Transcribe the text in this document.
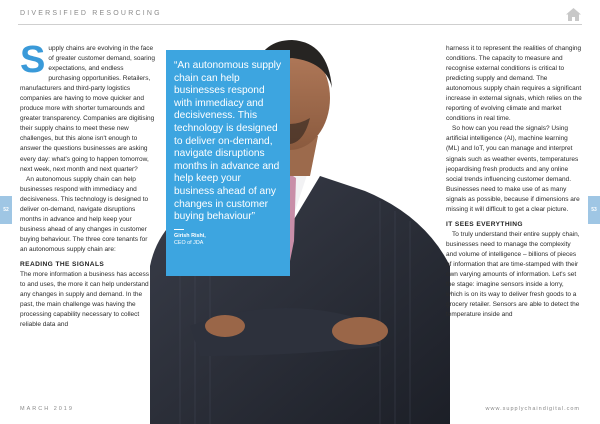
DIVERSIFIED RESOURCING

Supply chains are evolving in the face of greater customer demand, soaring expectations, and endless purchasing opportunities. Retailers, manufacturers and third-party logistics companies are having to move quicker and produce more with shorter turnarounds and greater transparency. Companies are digitising their supply chains to meet these new challenges, but this alone isn't enough to answer the questions businesses are asking every day: what's going to happen tomorrow, next week, next month and next quarter?

An autonomous supply chain can help businesses respond with immediacy and decisiveness. This technology is designed to deliver on-demand, navigate disruptions months in advance and help keep your business ahead of any changes in customer buying behaviour. The three core tenants for an autonomous supply chain are:

READING THE SIGNALS

The more information a business has access to and uses, the more it can help understand any changes in supply and demand. In the past, the main challenge was having the processing capability necessary to collect reliable data and

“An autonomous supply chain can help businesses respond with immediacy and decisiveness. This technology is designed to deliver on-demand, navigate disruptions months in advance and help keep your business ahead of any changes in customer buying behaviour”
Girish Rishi,
CEO of JDA

harness it to represent the realities of changing conditions. The capacity to measure and recognise external conditions is critical to predicting supply and demand. The autonomous supply chain requires a significant increase in external signals, which relies on the reporting of evolving climate and market conditions in real time.

So how can you read the signals? Using artificial intelligence (AI), machine learning (ML) and IoT, you can manage and interpret signals such as weather events, temperatures jeopardising fresh products and any online social trends influencing customer demand. Businesses need to make use of as many signals as possible, because if dimensions are missing it will difficult to get a clear picture.

IT SEES EVERYTHING

To truly understand their entire supply chain, businesses need to manage the complexity and volume of intelligence – billions of pieces of information that are time-stamped with their own varying amounts of information. Let's set the stage: imagine sensors inside a lorry, which is on its way to deliver fresh goods to a grocery retailer. Sensors are able to detect the temperature inside and

52	53
MARCH 2019	www.supplychaindigital.com
